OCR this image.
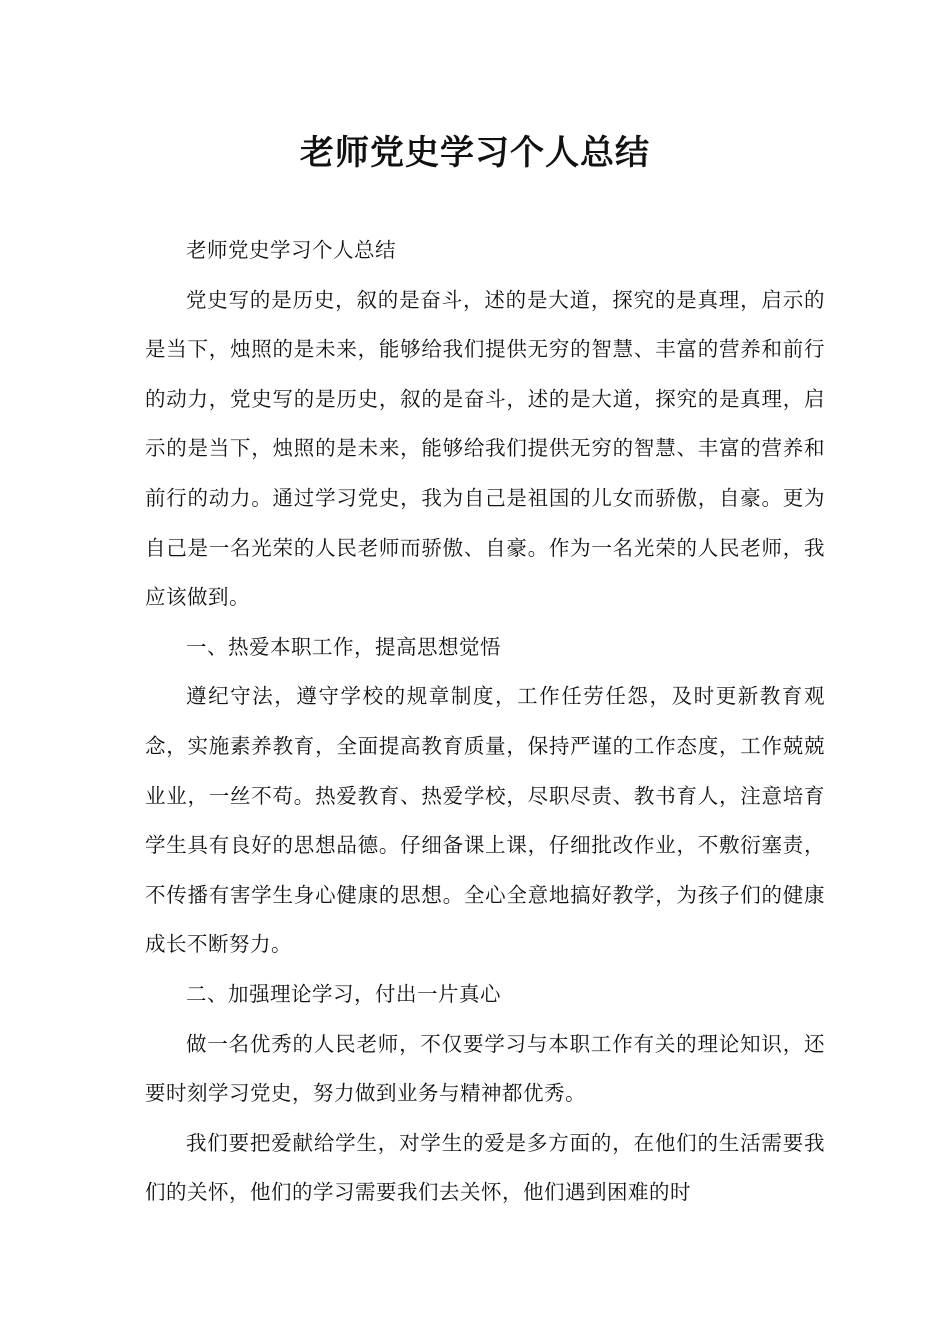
老师党史学习个人总结

老师党史学习个人总结

党史写的是历史，叙的是奋斗，述的是大道，探究的是真理，启示的是当下，烛照的是未来，能够给我们提供无穷的智慧、丰富的营养和前行的动力，党史写的是历史，叙的是奋斗，述的是大道，探究的是真理，启示的是当下，烛照的是未来，能够给我们提供无穷的智慧、丰富的营养和前行的动力。通过学习党史，我为自己是祖国的儿女而骄傲，自豪。更为自己是一名光荣的人民老师而骄傲、自豪。作为一名光荣的人民老师，我应该做到。

一、热爱本职工作，提高思想觉悟

遵纪守法，遵守学校的规章制度，工作任劳任怨，及时更新教育观念，实施素养教育，全面提高教育质量，保持严谨的工作态度，工作兢兢业业，一丝不苟。热爱教育、热爱学校，尽职尽责、教书育人，注意培育学生具有良好的思想品德。仔细备课上课，仔细批改作业，不敷衍塞责，不传播有害学生身心健康的思想。全心全意地搞好教学，为孩子们的健康成长不断努力。

二、加强理论学习，付出一片真心

做一名优秀的人民老师，不仅要学习与本职工作有关的理论知识，还要时刻学习党史，努力做到业务与精神都优秀。

我们要把爱献给学生，对学生的爱是多方面的，在他们的生活需要我们的关怀，他们的学习需要我们去关怀，他们遇到困难的时
